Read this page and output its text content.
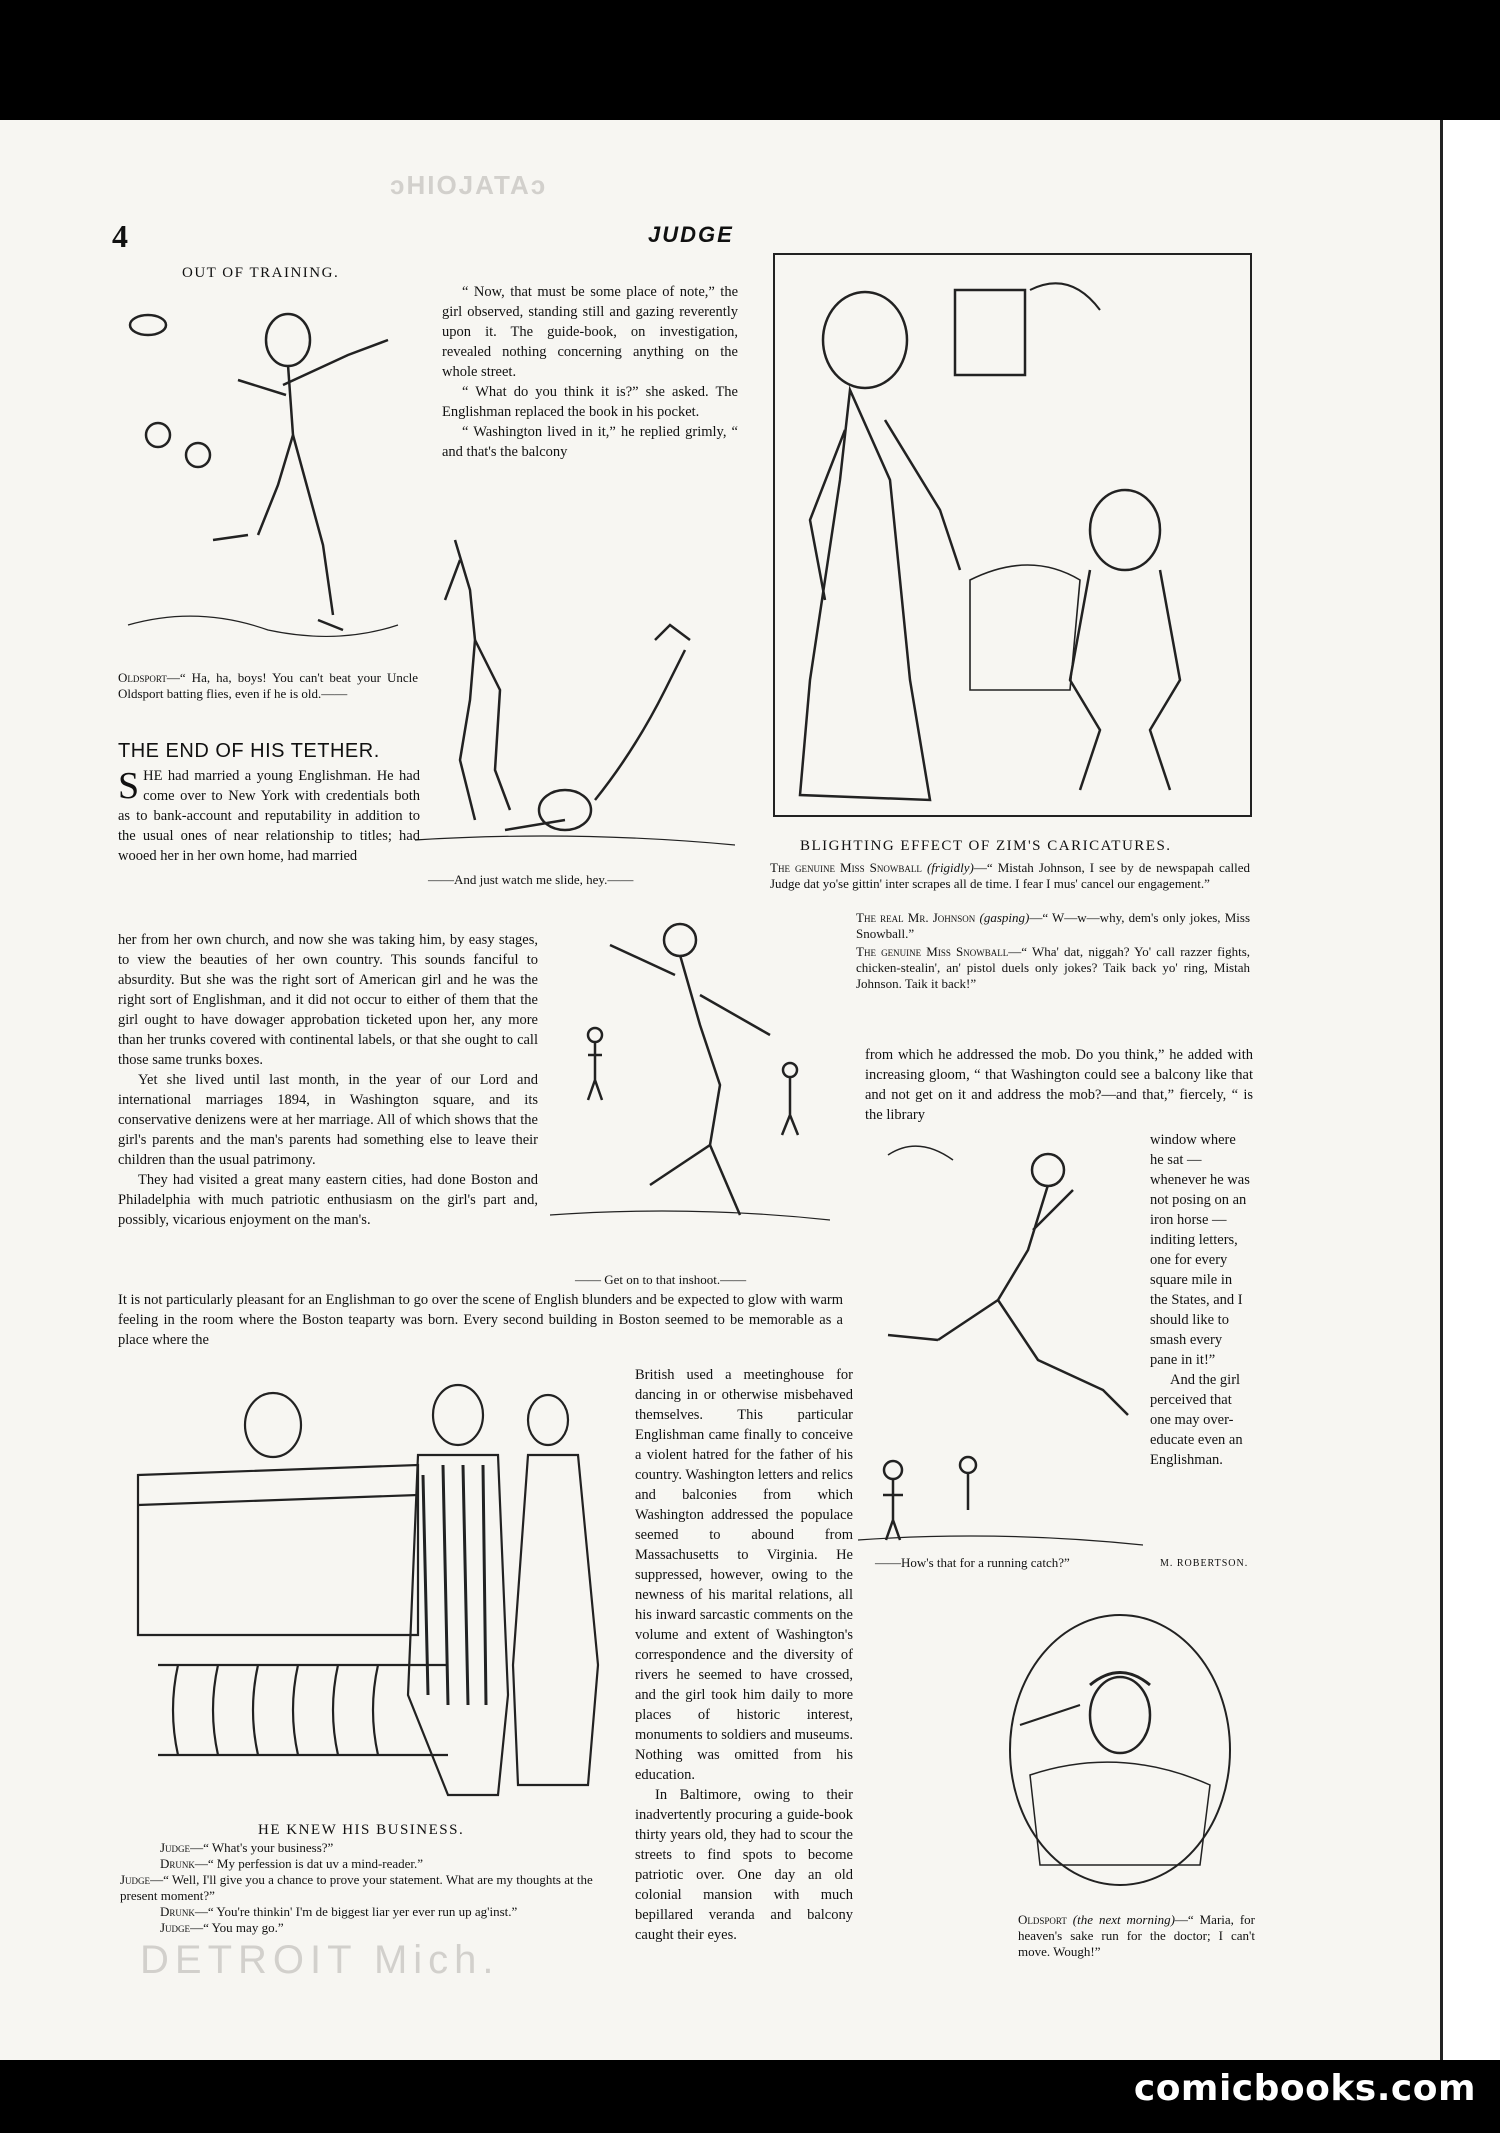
comicbooks.com
ɔHIOJATAɔ
4	JUDGE
OUT OF TRAINING.
Oldsport—“ Ha, ha, boys! You can't beat your Uncle Oldsport batting flies, even if he is old.——

“ Now, that must be some place of note,” the girl observed, standing still and gazing reverently upon it. The guide-book, on investigation, revealed nothing concerning anything on the whole street.

“ What do you think it is?” she asked. The Englishman replaced the book in his pocket.

“ Washington lived in it,” he replied grimly, “ and that's the balcony

——And just watch me slide, hey.——
BLIGHTING EFFECT OF ZIM'S CARICATURES.
The genuine Miss Snowball (frigidly)—“ Mistah Johnson, I see by de newspapah called Judge dat yo'se gittin' inter scrapes all de time. I fear I mus' cancel our engagement.”
The real Mr. Johnson (gasping)—“ W—w—why, dem's only jokes, Miss Snowball.”
The genuine Miss Snowball—“ Wha' dat, niggah? Yo' call razzer fights, chicken-stealin', an' pistol duels only jokes? Taik back yo' ring, Mistah Johnson. Taik it back!”
THE END OF HIS TETHER.

SHE had married a young Englishman. He had come over to New York with credentials both as to bank-account and reputability in addition to the usual ones of near relationship to titles; had wooed her in her own home, had married

her from her own church, and now she was taking him, by easy stages, to view the beauties of her own country. This sounds fanciful to absurdity. But she was the right sort of American girl and he was the right sort of Englishman, and it did not occur to either of them that the girl ought to have dowager approbation ticketed upon her, any more than her trunks covered with continental labels, or that she ought to call those same trunks boxes.

Yet she lived until last month, in the year of our Lord and international marriages 1894, in Washington square, and its conservative denizens were at her marriage. All of which shows that the girl's parents and the man's parents had something else to leave their children than the usual patrimony.

They had visited a great many eastern cities, had done Boston and Philadelphia with much patriotic enthusiasm on the girl's part and, possibly, vicarious enjoyment on the man's.

—— Get on to that inshoot.——

It is not particularly pleasant for an Englishman to go over the scene of English blunders and be expected to glow with warm feeling in the room where the Boston teaparty was born. Every second building in Boston seemed to be memorable as a place where the

HE KNEW HIS BUSINESS.
Judge—“ What's your business?”
Drunk—“ My perfession is dat uv a mind-reader.”
Judge—“ Well, I'll give you a chance to prove your statement. What are my thoughts at the present moment?”
Drunk—“ You're thinkin' I'm de biggest liar yer ever run up ag'inst.”
Judge—“ You may go.”
DETROIT Mich.

British used a meetinghouse for dancing in or otherwise misbehaved themselves. This particular Englishman came finally to conceive a violent hatred for the father of his country. Washington letters and relics and balconies from which Washington addressed the populace seemed to abound from Massachusetts to Virginia. He suppressed, however, owing to the newness of his marital relations, all his inward sarcastic comments on the volume and extent of Washington's correspondence and the diversity of rivers he seemed to have crossed, and the girl took him daily to more places of historic interest, monuments to soldiers and museums. Nothing was omitted from his education.

In Baltimore, owing to their inadvertently procuring a guide-book thirty years old, they had to scour the streets to find spots to become patriotic over. One day an old colonial mansion with much bepillared veranda and balcony caught their eyes.

from which he addressed the mob. Do you think,” he added with increasing gloom, “ that Washington could see a balcony like that and not get on it and address the mob?—and that,” fiercely, “ is the library

window where he sat — whenever he was not posing on an iron horse — inditing letters, one for every square mile in the States, and I should like to smash every pane in it!”

And the girl perceived that one may over-educate even an Englishman.

——How's that for a running catch?”	M. ROBERTSON.
Oldsport (the next morning)—“ Maria, for heaven's sake run for the doctor; I can't move. Wough!”
